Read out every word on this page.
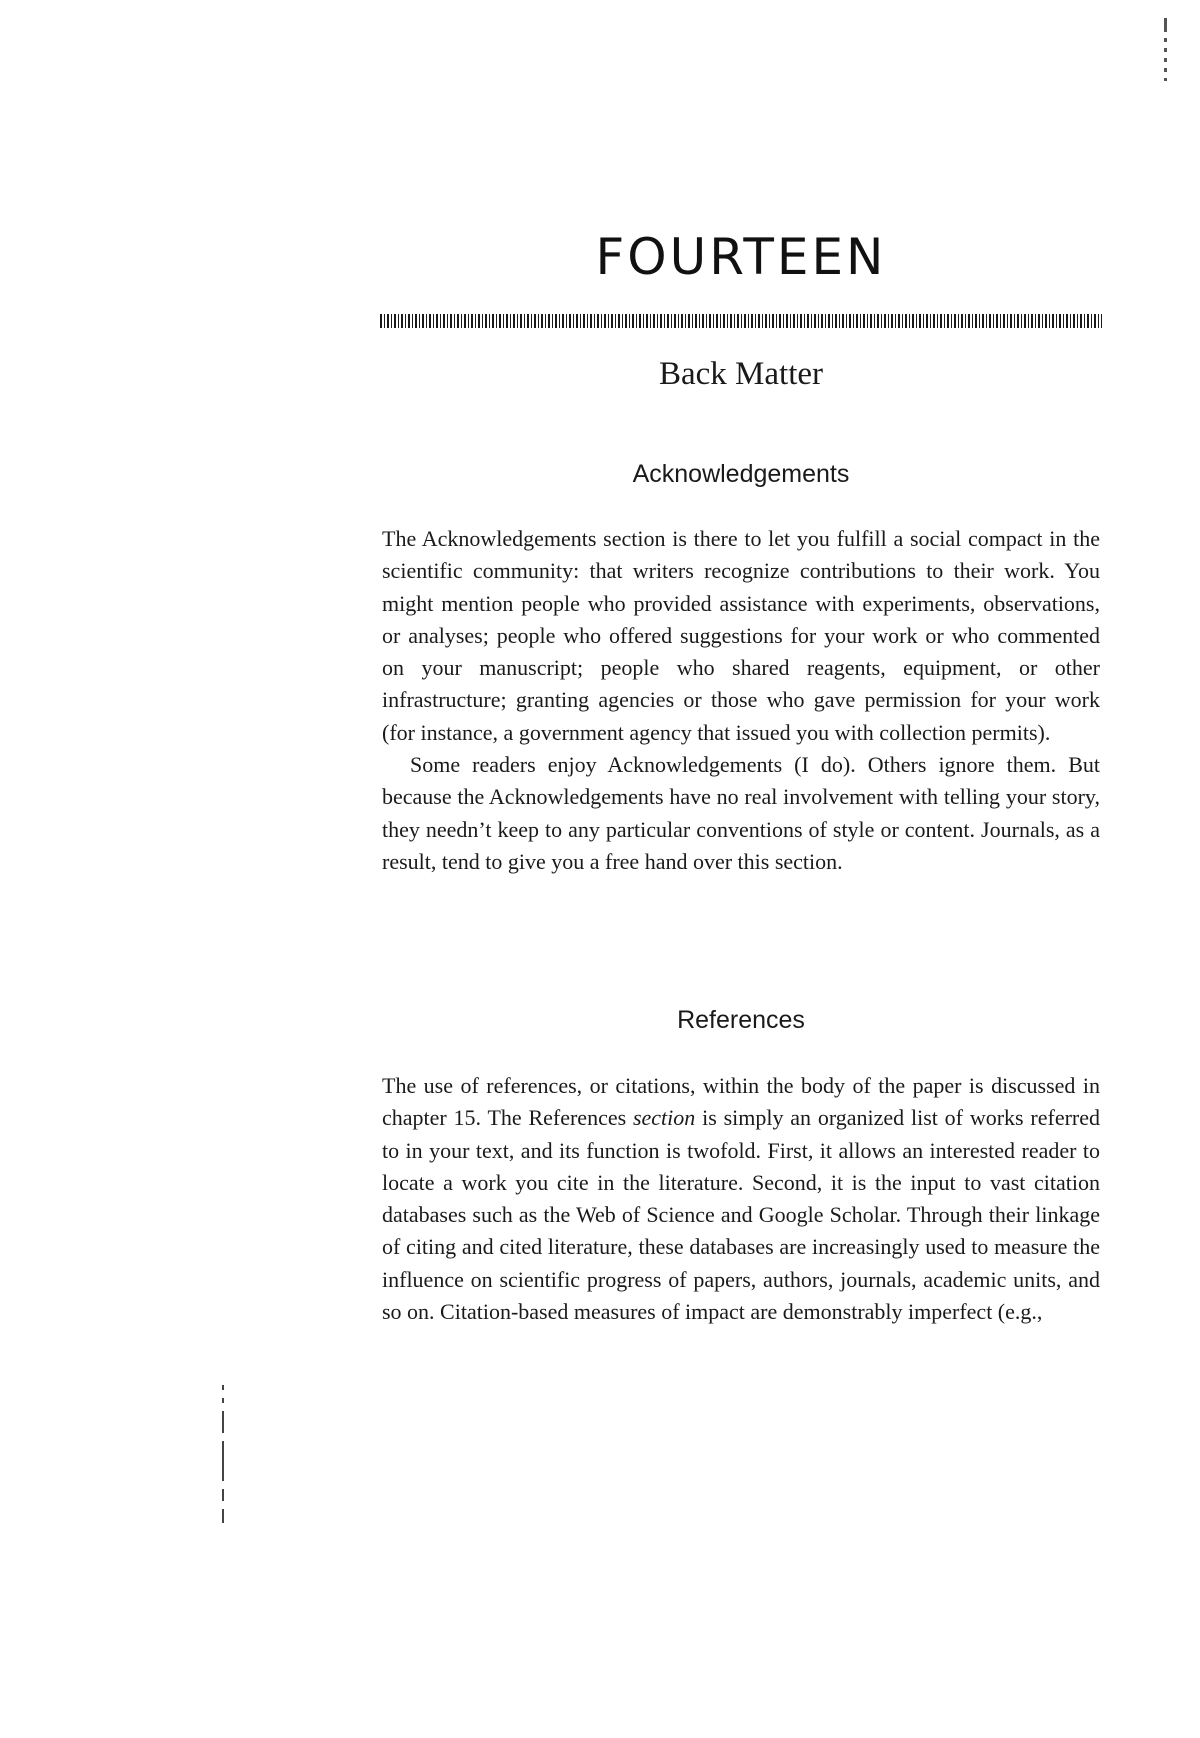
FOURTEEN
Back Matter
Acknowledgements

The Acknowledgements section is there to let you fulfill a social compact in the scientific community: that writers recognize contributions to their work. You might mention people who provided assistance with experiments, observations, or analyses; people who offered suggestions for your work or who commented on your manuscript; people who shared reagents, equipment, or other infrastructure; granting agencies or those who gave permission for your work (for instance, a government agency that issued you with collection permits).

Some readers enjoy Acknowledgements (I do). Others ignore them. But because the Acknowledgements have no real involvement with telling your story, they needn’t keep to any particular conventions of style or content. Journals, as a result, tend to give you a free hand over this section.

References

The use of references, or citations, within the body of the paper is discussed in chapter 15. The References section is simply an organized list of works referred to in your text, and its function is twofold. First, it allows an interested reader to locate a work you cite in the literature. Second, it is the input to vast citation databases such as the Web of Science and Google Scholar. Through their linkage of citing and cited literature, these databases are increasingly used to measure the influence on scientific progress of papers, authors, journals, academic units, and so on. Citation-based measures of impact are demonstrably imperfect (e.g.,
